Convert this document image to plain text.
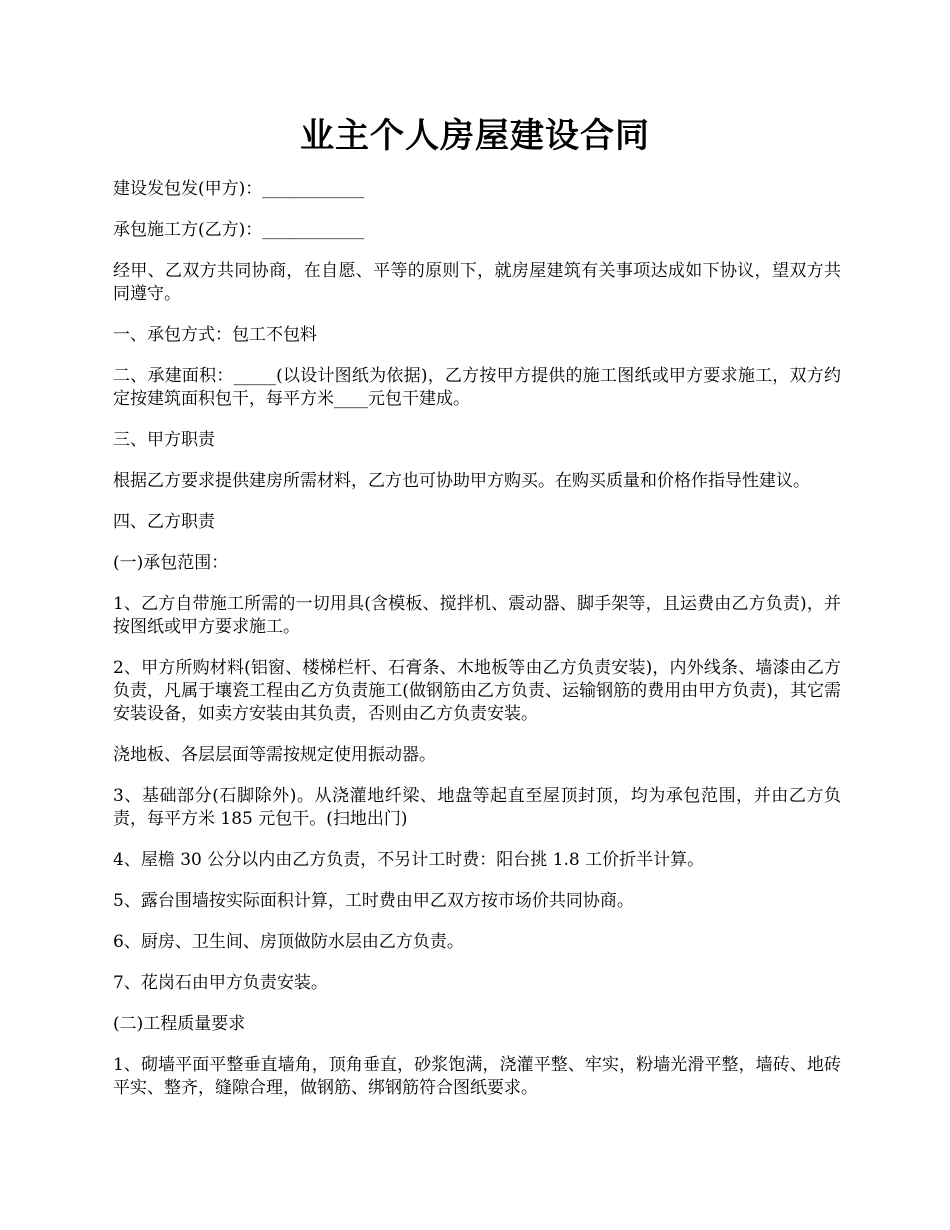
业主个人房屋建设合同

建设发包发(甲方)：____________

承包施工方(乙方)：____________

经甲、乙双方共同协商，在自愿、平等的原则下，就房屋建筑有关事项达成如下协议，望双方共同遵守。

一、承包方式：包工不包料

二、承建面积：_____(以设计图纸为依据)，乙方按甲方提供的施工图纸或甲方要求施工，双方约定按建筑面积包干，每平方米____元包干建成。

三、甲方职责

根据乙方要求提供建房所需材料，乙方也可协助甲方购买。在购买质量和价格作指导性建议。

四、乙方职责

(一)承包范围：

1、乙方自带施工所需的一切用具(含模板、搅拌机、震动器、脚手架等，且运费由乙方负责)，并按图纸或甲方要求施工。

2、甲方所购材料(铝窗、楼梯栏杆、石膏条、木地板等由乙方负责安装)，内外线条、墙漆由乙方负责，凡属于壤瓷工程由乙方负责施工(做钢筋由乙方负责、运输钢筋的费用由甲方负责)，其它需安装设备，如卖方安装由其负责，否则由乙方负责安装。

浇地板、各层层面等需按规定使用振动器。

3、基础部分(石脚除外)。从浇灌地纤梁、地盘等起直至屋顶封顶，均为承包范围，并由乙方负责，每平方米 185 元包干。(扫地出门)

4、屋檐 30 公分以内由乙方负责，不另计工时费：阳台挑 1.8 工价折半计算。

5、露台围墙按实际面积计算，工时费由甲乙双方按市场价共同协商。

6、厨房、卫生间、房顶做防水层由乙方负责。

7、花岗石由甲方负责安装。

(二)工程质量要求

1、砌墙平面平整垂直墙角，顶角垂直，砂浆饱满，浇灌平整、牢实，粉墙光滑平整，墙砖、地砖平实、整齐，缝隙合理，做钢筋、绑钢筋符合图纸要求。
